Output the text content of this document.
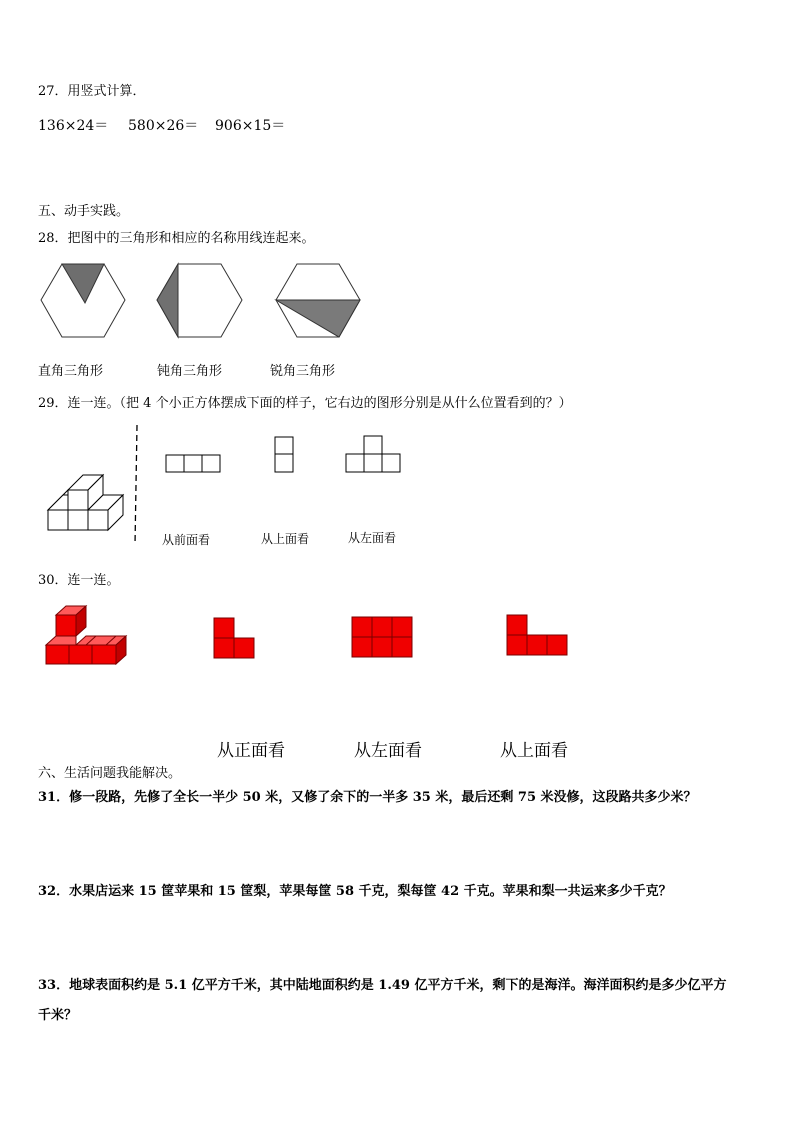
27．用竖式计算．
136×24＝ 580×26＝ 906×15＝
五、动手实践。
28．把图中的三角形和相应的名称用线连起来。
直角三角形	钝角三角形	锐角三角形
29．连一连。（把 4 个小正方体摆成下面的样子，它右边的图形分别是从什么位置看到的？）
从前面看	从上面看	从左面看
30．连一连。
从正面看	从左面看	从上面看
六、生活问题我能解决。
31．修一段路，先修了全长一半少 50 米，又修了余下的一半多 35 米，最后还剩 75 米没修，这段路共多少米？
32．水果店运来 15 筐苹果和 15 筐梨，苹果每筐 58 千克，梨每筐 42 千克。苹果和梨一共运来多少千克？
33．地球表面积约是 5.1 亿平方千米，其中陆地面积约是 1.49 亿平方千米，剩下的是海洋。海洋面积约是多少亿平方
千米？
